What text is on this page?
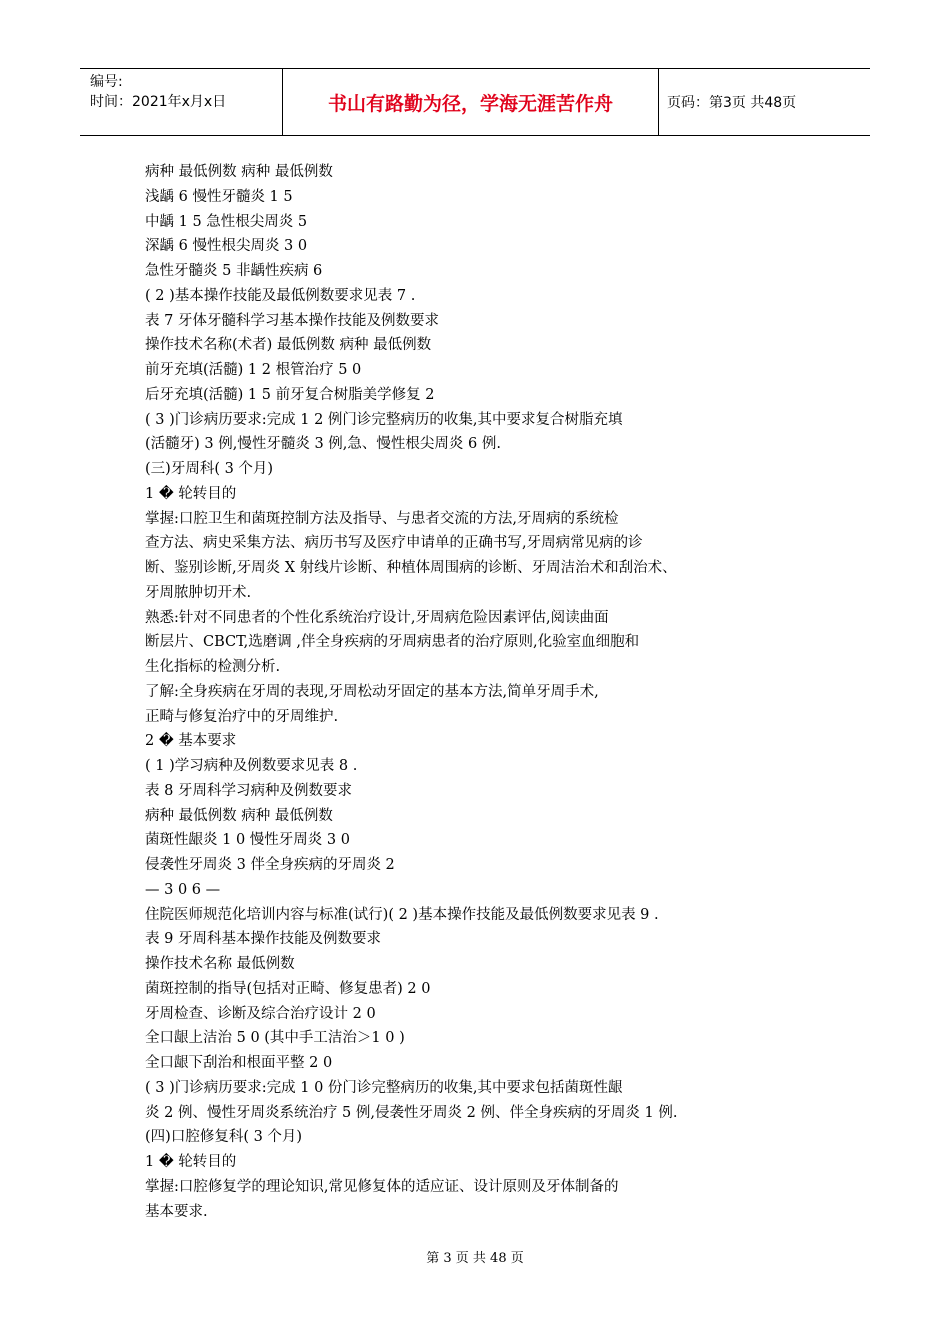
编号:
时间：2021年x月x日	书山有路勤为径，学海无涯苦作舟	页码：第3页 共48页
病种 最低例数 病种 最低例数
浅龋 6 慢性牙髓炎 1 5
中龋 1 5 急性根尖周炎 5
深龋 6 慢性根尖周炎 3 0
急性牙髓炎 5 非龋性疾病 6
( 2 )基本操作技能及最低例数要求见表 7 .
表 7 牙体牙髓科学习基本操作技能及例数要求
操作技术名称(术者) 最低例数 病种 最低例数
前牙充填(活髓) 1 2 根管治疗 5 0
后牙充填(活髓) 1 5 前牙复合树脂美学修复 2
( 3 )门诊病历要求:完成 1 2 例门诊完整病历的收集,其中要求复合树脂充填
(活髓牙) 3 例,慢性牙髓炎 3 例,急、慢性根尖周炎 6 例.
(三)牙周科( 3 个月)
1 � 轮转目的
掌握:口腔卫生和菌斑控制方法及指导、与患者交流的方法,牙周病的系统检
查方法、病史采集方法、病历书写及医疗申请单的正确书写,牙周病常见病的诊
断、鉴别诊断,牙周炎 X 射线片诊断、种植体周围病的诊断、牙周洁治术和刮治术、
牙周脓肿切开术.
熟悉:针对不同患者的个性化系统治疗设计,牙周病危险因素评估,阅读曲面
断层片、CBCT,选磨调 ,伴全身疾病的牙周病患者的治疗原则,化验室血细胞和
生化指标的检测分析.
了解:全身疾病在牙周的表现,牙周松动牙固定的基本方法,简单牙周手术,
正畸与修复治疗中的牙周维护.
2 � 基本要求
( 1 )学习病种及例数要求见表 8 .
表 8 牙周科学习病种及例数要求
病种 最低例数 病种 最低例数
菌斑性龈炎 1 0 慢性牙周炎 3 0
侵袭性牙周炎 3 伴全身疾病的牙周炎 2
— 3 0 6 —
住院医师规范化培训内容与标准(试行)( 2 )基本操作技能及最低例数要求见表 9 .
表 9 牙周科基本操作技能及例数要求
操作技术名称 最低例数
菌斑控制的指导(包括对正畸、修复患者) 2 0
牙周检查、诊断及综合治疗设计 2 0
全口龈上洁治 5 0 (其中手工洁治＞1 0 )
全口龈下刮治和根面平整 2 0
( 3 )门诊病历要求:完成 1 0 份门诊完整病历的收集,其中要求包括菌斑性龈
炎 2 例、慢性牙周炎系统治疗 5 例,侵袭性牙周炎 2 例、伴全身疾病的牙周炎 1 例.
(四)口腔修复科( 3 个月)
1 � 轮转目的
掌握:口腔修复学的理论知识,常见修复体的适应证、设计原则及牙体制备的
基本要求.
第 3 页 共 48 页
